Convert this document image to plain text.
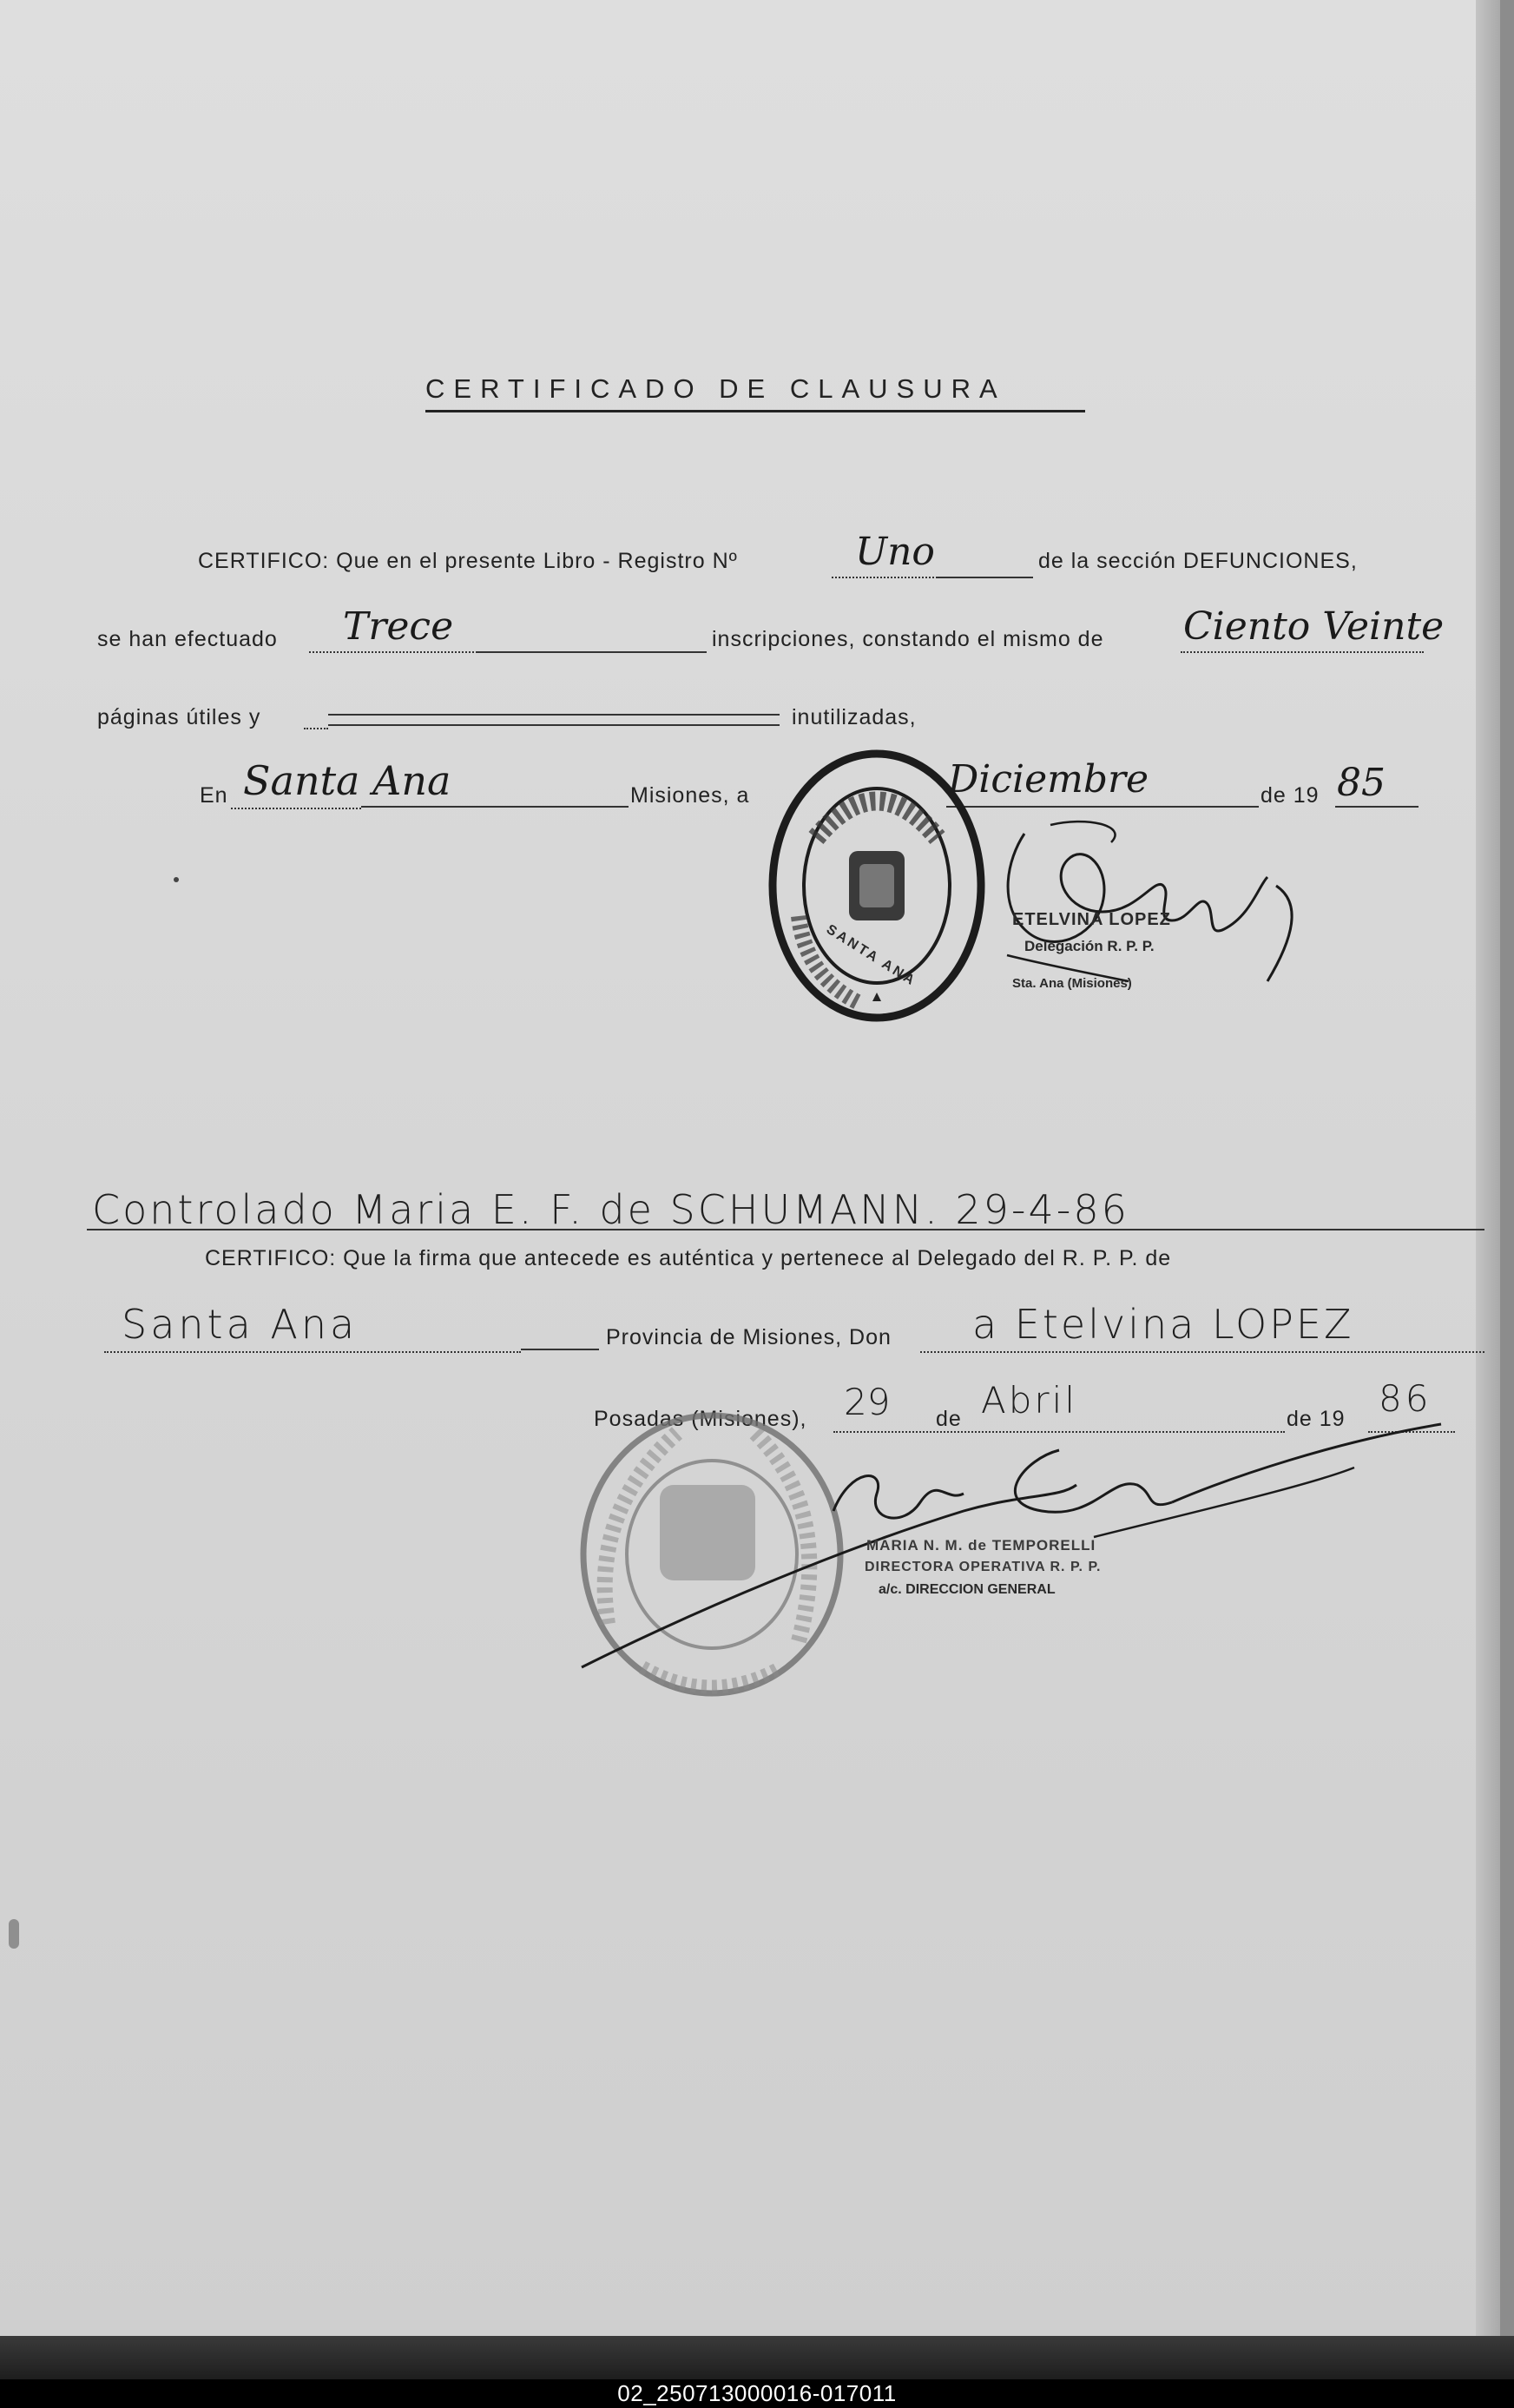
CERTIFICADO DE CLAUSURA
CERTIFICO: Que en el presente Libro - Registro Nº	Uno	de la sección DEFUNCIONES,
se han efectuado Trece	inscripciones, constando el mismo de Ciento Veinte
páginas útiles y	inutilizadas,
En Santa Ana	Misiones, a	Diciembre	de 19 85
SANTA ANA
ETELVINA LOPEZ
Delegación R. P. P.
Sta. Ana (Misiones)
Controlado Maria E. F. de SCHUMANN. 29-4-86
CERTIFICO: Que la firma que antecede es auténtica y pertenece al Delegado del R. P. P. de
Santa Ana	Provincia de Misiones, Don a Etelvina LOPEZ
Posadas (Misiones), 29 de Abril	de 19 86
MARIA N. M. de TEMPORELLI
DIRECTORA OPERATIVA R. P. P.
a/c. DIRECCION GENERAL
02_250713000016-017011
